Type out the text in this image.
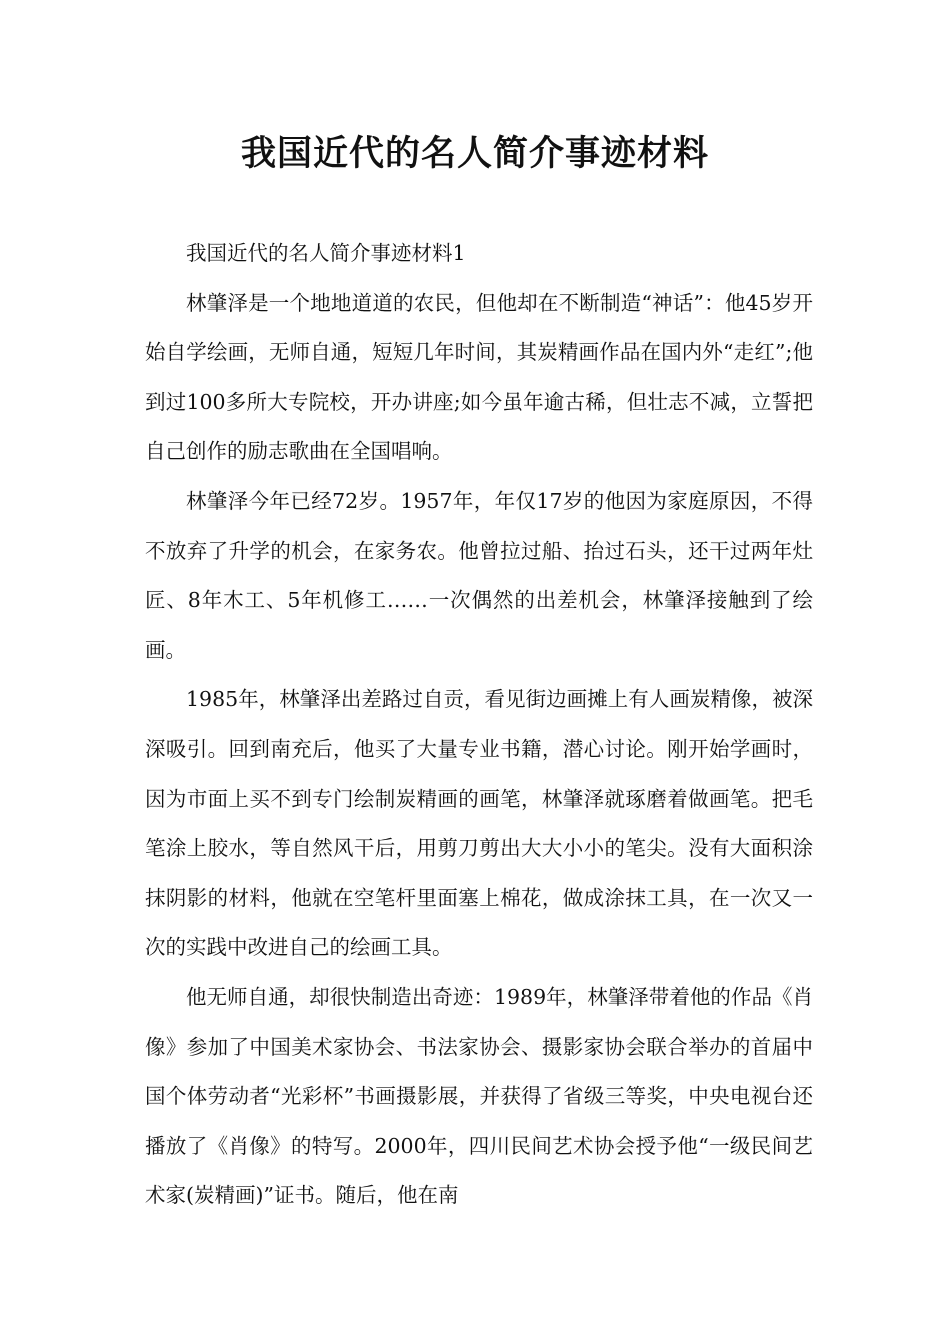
我国近代的名人简介事迹材料

我国近代的名人简介事迹材料1

林肇泽是一个地地道道的农民，但他却在不断制造“神话”：他45岁开始自学绘画，无师自通，短短几年时间，其炭精画作品在国内外“走红”;他到过100多所大专院校，开办讲座;如今虽年逾古稀，但壮志不减，立誓把自己创作的励志歌曲在全国唱响。

林肇泽今年已经72岁。1957年，年仅17岁的他因为家庭原因，不得不放弃了升学的机会，在家务农。他曾拉过船、抬过石头，还干过两年灶匠、8年木工、5年机修工……一次偶然的出差机会，林肇泽接触到了绘画。

1985年，林肇泽出差路过自贡，看见街边画摊上有人画炭精像，被深深吸引。回到南充后，他买了大量专业书籍，潜心讨论。刚开始学画时，因为市面上买不到专门绘制炭精画的画笔，林肇泽就琢磨着做画笔。把毛笔涂上胶水，等自然风干后，用剪刀剪出大大小小的笔尖。没有大面积涂抹阴影的材料，他就在空笔杆里面塞上棉花，做成涂抹工具，在一次又一次的实践中改进自己的绘画工具。

他无师自通，却很快制造出奇迹：1989年，林肇泽带着他的作品《肖像》参加了中国美术家协会、书法家协会、摄影家协会联合举办的首届中国个体劳动者“光彩杯”书画摄影展，并获得了省级三等奖，中央电视台还播放了《肖像》的特写。2000年，四川民间艺术协会授予他“一级民间艺术家(炭精画)”证书。随后，他在南
